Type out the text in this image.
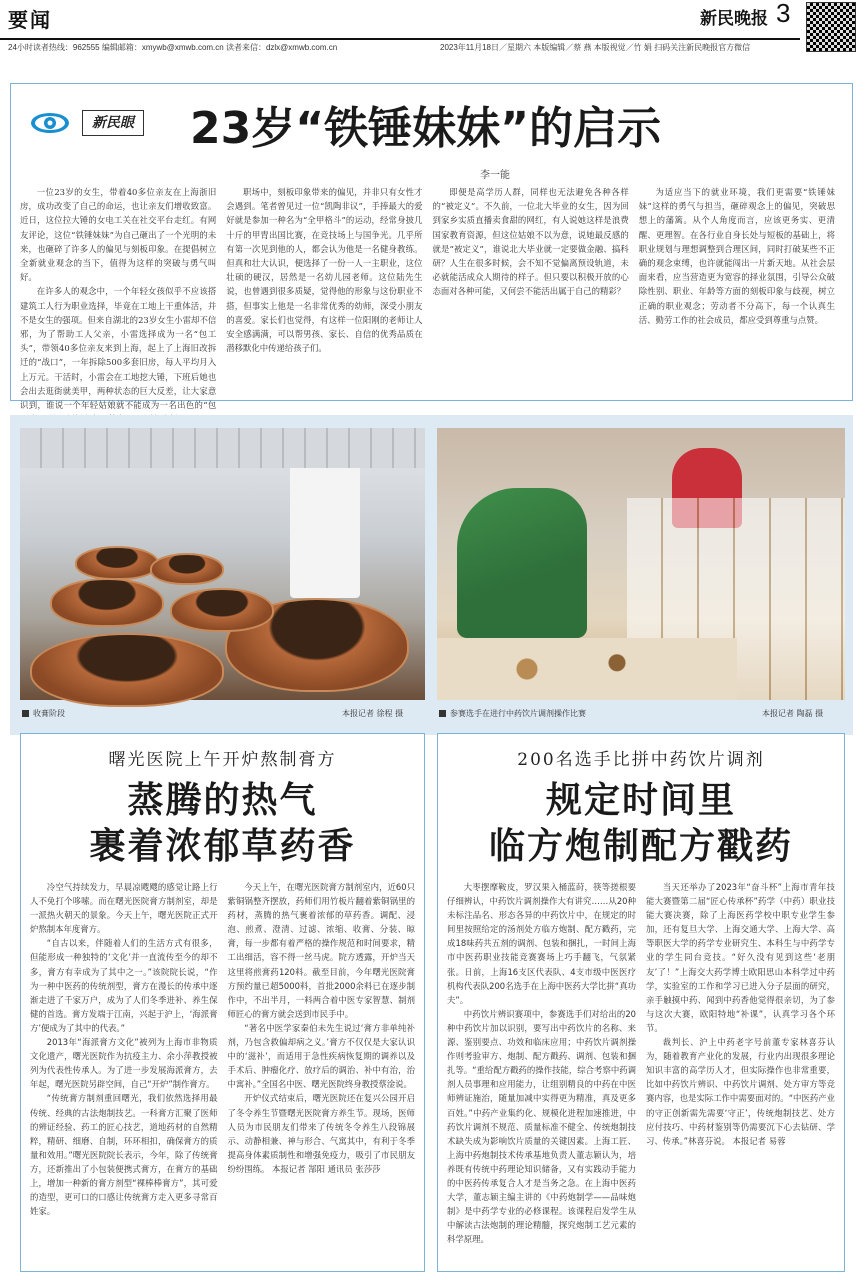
要闻	新民晚报 3
24小时读者热线：962555 编辑邮箱：xmywb@xmwb.com.cn 读者来信：dzlx@xmwb.com.cn	2023年11月18日／星期六 本版编辑／蔡 燕 本版视觉／竹 娟 扫码关注新民晚报官方微信
新民眼 23岁“铁锤妹妹”的启示
李一能

一位23岁的女生，带着40多位亲友在上海浙旧房，成功改变了自己的命运，也让亲友们增收致富。近日，这位拉大锤的女电工关在社交平台走红。有网友评论，这位“铁锤妹妹”为自己砸出了一个光明的未来，也砸碎了许多人的偏见与刻板印象。在提倡树立全新就业观念的当下，值得为这样的突破与勇气叫好。

在许多人的观念中，一个年轻女孩似乎不应该搭建筑工人行为职业选择，毕竟在工地上干重体活，并不是女生的强项。但来自湖北的23岁女生小雷却不信邪，为了帮助工人父亲，小雷选择成为一名“包工头”，带领40多位亲友来到上海，起上了上海旧改拆迁的“战口”，一年拆除500多套旧房，每人平均月入上万元。干活时，小雷会在工地挖大锤，下班后她也会出去逛街就美甲，两种状态的巨大反差，让大家意识到，谁说一个年轻姑娘就不能成为一名出色的“包

职场中，刻板印象带来的偏见，并非只有女性才会遇到。笔者曾见过一位“凯陶非议”，手捧最大的爱好就是参加一种名为“全甲格斗”的运动，经常身披几十斤的甲胄出国比赛，在竞技场上与国争光。几乎所有第一次见到他的人，都会认为他是一名健身教练。但真和壮大认识，便选择了一份一人一主职业，这位壮硕的硬汉，居然是一名幼儿园老师。这位陆先生说，也曾遇到很多质疑，觉得他的形象与这份职业不搭，但事实上他是一名非常优秀的幼师，深受小朋友的喜爱。家长们也觉得，有这样一位阳刚的老师让人安全感满满，可以帮男孩、家长、自信的优秀品质在潜移默化中传递给孩子们。

即便是高学历人群，同样也无法避免各种各样的“被定义”。不久前，一位北大毕业的女生，因为回到家乡实质直播卖食甜的网红，有人说她这样是浪费国家教育资源，但这位姑娘不以为意，说她最反感的就是“被定义”，谁说北大毕业就一定要做金融、搞科研？人生在很多时候，会不知不觉偏离预设轨道，未必就能活成众人期待的样子。但只要以积极开放的心态面对各种可能，又何尝不能活出属于自己的精彩？

为适应当下的就业环境，我们更需要“铁锤妹妹”这样的勇气与担当，砸碎观念上的偏见，突破思想上的藩篱。从个人角度而言，应该更务实、更清醒、更理智。在各行业自身长处与短板的基础上，将职业规划与理想调整到合理区间，同时打破某些不正确的观念束缚，也许就能闯出一片新天地。从社会层面来看，应当营造更为宽容的择业氛围，引导公众破除性别、职业、年龄等方面的刻板印象与歧视，树立正确的职业观念；劳动者不分高下，每一个认真生活、勤劳工作的社会成员，都应受到尊重与点赞。

收膏阶段	本报记者 徐程 摄	参赛选手在进行中药饮片调剂操作比赛	本报记者 陶磊 摄
曙光医院上午开炉熬制膏方
蒸腾的热气
裹着浓郁草药香

冷空气持续发力，早晨凉飕飕的感觉让路上行人不免打个哆嗦。而在曙光医院膏方制剂室，却是一派热火朝天的景象。今天上午，曙光医院正式开炉熬制本年度膏方。

“自古以来，伴随着人们的生活方式有很多，但能形成一种独特的‘文化’并一直流传至今的却不多，膏方有幸成为了其中之一。”该院院长说，“作为一种中医药的传统剂型，膏方在漫长的传承中逐渐走进了千家万户，成为了人们冬季进补、养生保健的首选。膏方发端于江南，兴起于沪上，‘海派膏方’便成为了其中的代表。”

2013年“海派膏方文化”被列为上海市非物质文化遗产，曙光医院作为抗疫主力、余小萍教授被列为代表性传承人。为了进一步发展海派膏方，去年起，曙光医院另辟空间，自己“开炉”制作膏方。

“传统膏方制剂重回曙光，我们依然选择用最传统、经典的古法炮制技艺。一科膏方汇聚了医师的辨证经验、药工的匠心技艺，道地药材的自然精粹，精研、细磨、自制，环环相扣，确保膏方的质量和效用。”曙光医院院长表示，今年，除了传统膏方，还新推出了小包装便携式膏方，在膏方的基础上，增加一种新的膏方剂型“裸棒棒膏方”，其可爱的造型，更可口的口感让传统膏方走入更多寻常百姓家。

今天上午，在曙光医院膏方制剂室内，近60只紫铜锅整齐摆放，药师们用竹板片翻着紫铜锅里的药材，蒸腾的热气裹着浓郁的草药香。调配、浸泡、煎煮、澄清、过滤、浓缩、收膏、分装、晾膏，每一步都有着严格的操作规范和时间要求，精工出细活，容不得一丝马虎。院方透露，开炉当天这里将煎膏药120料。截至目前，今年曙光医院膏方预约量已超5000料，首批2000余料已在逐步制作中，不出半月，一料两合着中医专家智慧、制剂师匠心的膏方就会送到市民手中。

“著名中医学家秦伯未先生说过‘膏方非单纯补剂，乃包含救偏却病之义。’膏方不仅仅是大家认识中的‘滋补’，而适用于急性疾病恢复期的调养以及手术后、肿瘤化疗、放疗后的调治、补中有治，治中寓补。”全国名中医、曙光医院终身教授蔡淦说。

开炉仪式结束后，曙光医院还在复兴公园开启了冬令养生节暨曙光医院膏方养生节。现场，医师人员为市民朋友们带来了传统冬令养生八段锦展示、动静相兼、神与形合、气寓其中，有利于冬季提高身体素质制性和增强免疫力，吸引了市民朋友纷纷围练。 本报记者 郜阳 通讯员 张莎莎

200名选手比拼中药饮片调剂
规定时间里
临方炮制配方戳药

大枣摆摩鞍皮，罗汉果入桶蓝莳，筷等搓根要仔细辨认，中药饮片调剂操作大有讲究……从20种未标注品名、形态各异的中药饮片中，在规定的时间里按照给定的汤剂处方临方炮制、配方戳药，完成18味药共五剂的调剂、包装和捆扎，一时间上海市中医药职业技能竞赛赛场上巧手翻飞，气氛紧张。日前，上海16支区代表队、4支市级中医医疗机构代表队200名选手在上海中医药大学比拼“真功夫”。

中药饮片辨识赛项中，参赛选手们对给出的20种中药饮片加以识别，要写出中药饮片的名称、来源、鉴别要点、功效和临床应用；中药饮片调剂操作则考验审方、炮制、配方戳药、调剂、包装和捆扎等。“重给配方戳药的操作技能，综合考察中药调剂人员事理和应用能力，让组别精良的中药在中医师辨证施治，随量加减中实得更为精准，真及更多百姓。”中药产业集约化、规模化进程加速推进，中药饮片调剂不规范、质量标准不健全、传统炮制技术缺失成为影响饮片质量的关键因素。上海工匠、上海中药炮制技术传承基地负责人董志颖认为，培养既有传统中药理论知识储备，又有实践动手能力的中医药传承复合人才是当务之急。在上海中医药大学，董志颖主编主讲的《中药炮制学——品味炮制》是中药学专业的必修课程。该课程启发学生从中解读古法炮制的理论精髓，探究炮制工艺元素的科学原理。

当天还举办了2023年“奋斗杯”上海市青年技能大赛暨第二届“匠心传承杯”药学（中药）职业技能大赛决赛，除了上海医药学校中职专业学生参加，还有复旦大学、上海交通大学、上海大学、高等职医大学的药学专业研究生、本科生与中药学专业的学生同台竞技。“好久没有见到这些‘老朋友’了！”上海交大药学博士欧阳思山本科学过中药学，实验室的工作和学习已进入分子层面的研究，亲手触摸中药、闻到中药香他觉得很亲切，为了参与这次大赛，欧阳特地“补课”，认真学习各个环节。

裁判长、沪上中药老字号前董专家林喜芬认为，随着教育产业化的发展，行业内出现很多理论知识丰富的高学历人才，但实际操作也非常重要，比如中药饮片辨识、中药饮片调剂、处方审方等竞赛内容，也是实际工作中需要面对的。“中医药产业的守正创新需先需要‘守正’，传统炮制技艺、处方应付技巧、中药材鉴别等仍需要沉下心去钻研、学习、传承。”林喜芬说。 本报记者 易蓉
